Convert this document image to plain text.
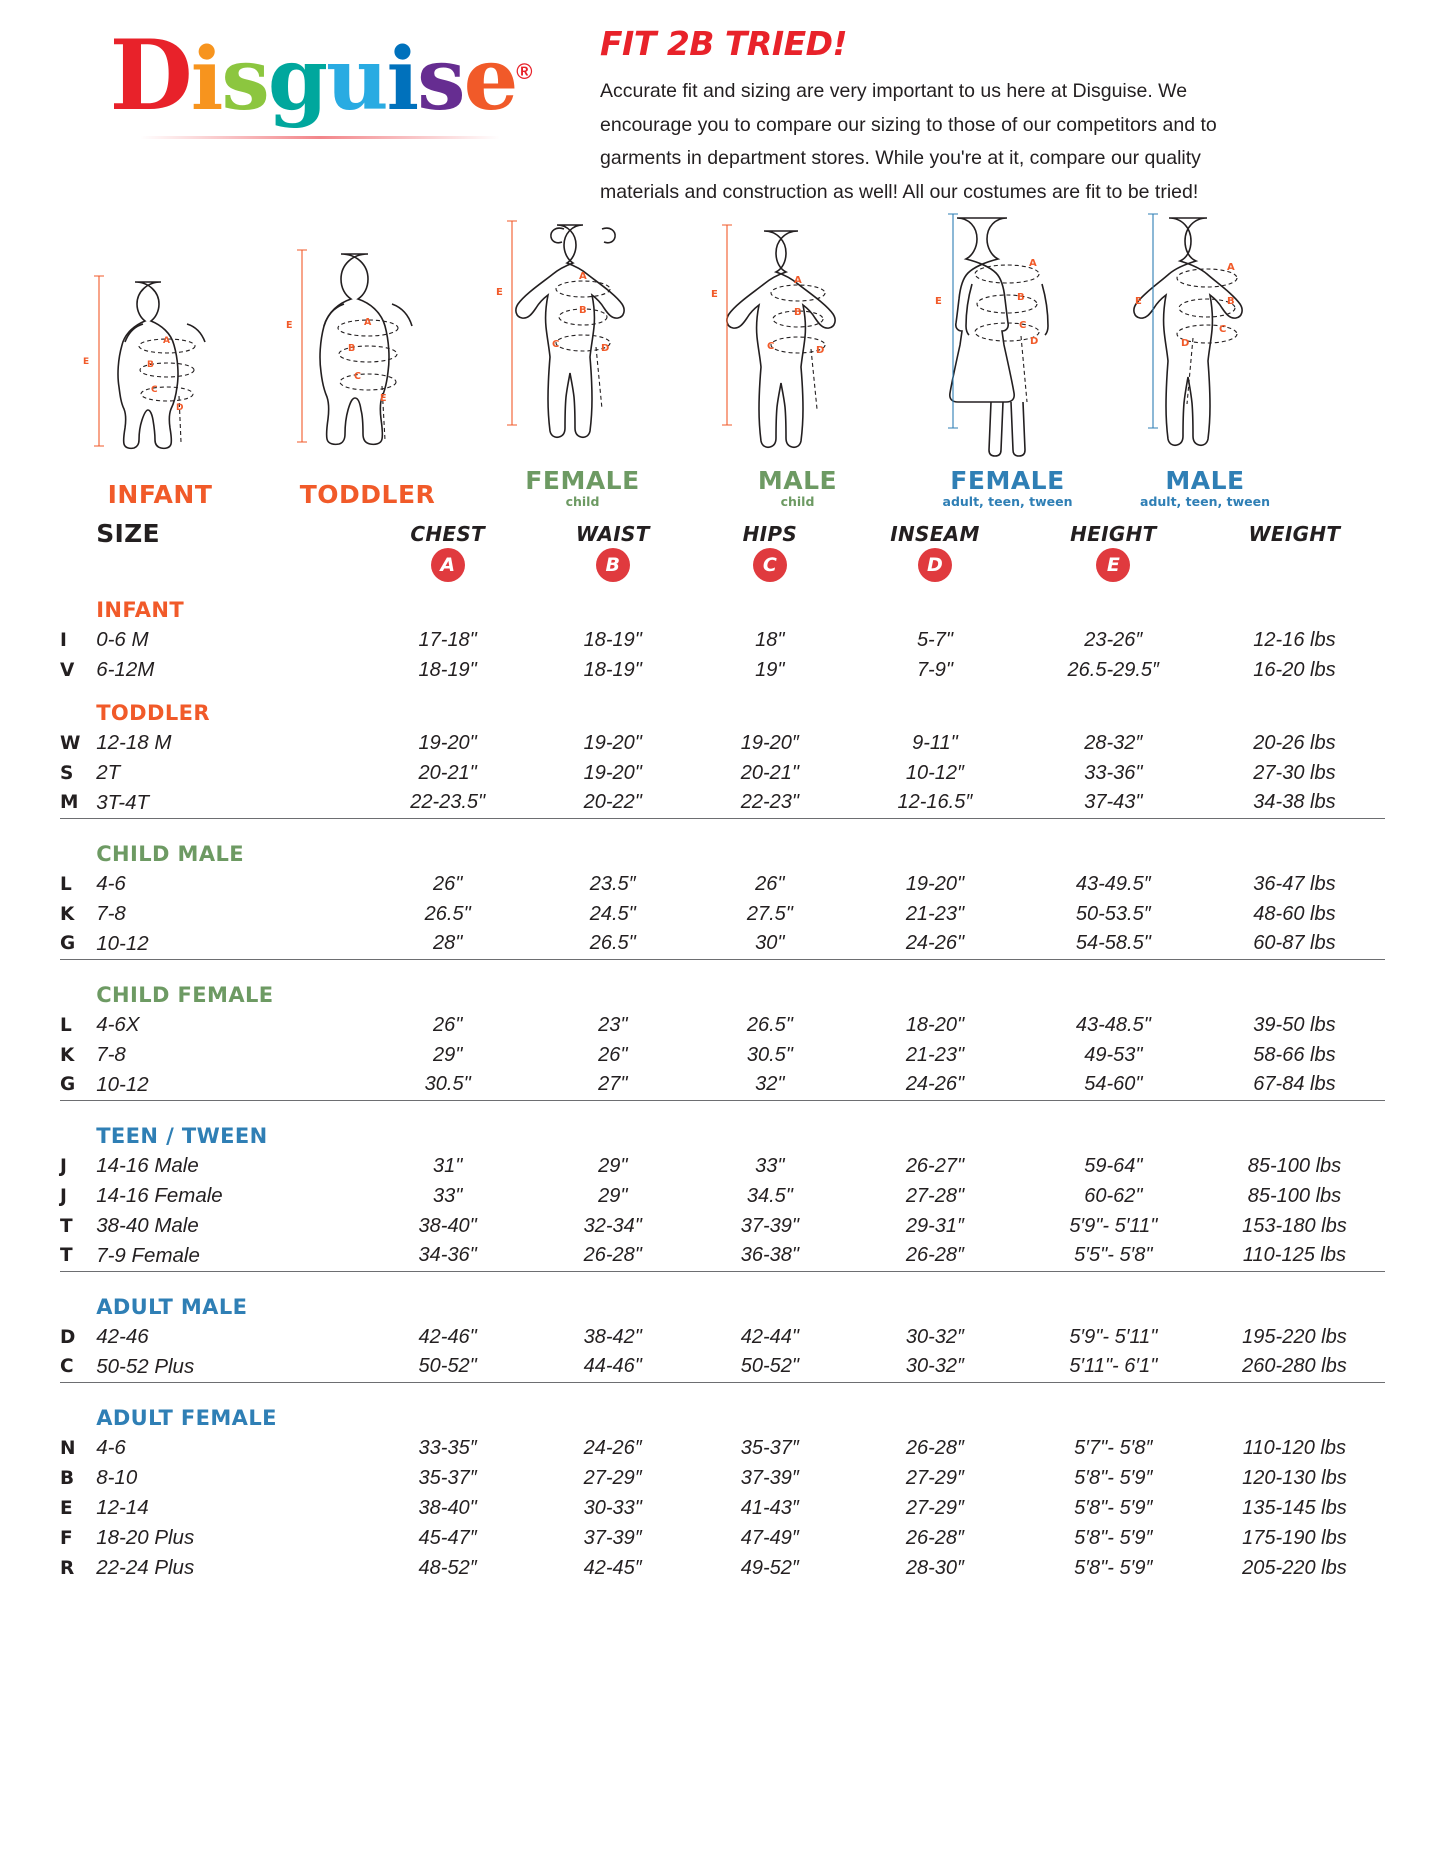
Disguise®
FIT 2B TRIED!

Accurate fit and sizing are very important to us here at Disguise. We encourage you to compare our sizing to those of our competitors and to garments in department stores. While you're at it, compare our quality materials and construction as well! All our costumes are fit to be tried!

A
B
C
D
E
INFANT
A
B
C
E
E
TODDLER
A
B
C	D
E
FEMALE
child
A
B
C	D
E
MALE
child
A
B
C
D
E
FEMALE
adult, teen, tween
A
B
D
C
E
MALE
adult, teen, tween
	SIZE	CHEST	WAIST	HIPS	INSEAM	HEIGHT	WEIGHT
		A	B	C	D	E	
	INFANT						
I	0-6 M	17-18"	18-19"	18"	5-7"	23-26″	12-16 lbs
V	6-12M	18-19"	18-19"	19"	7-9"	26.5-29.5″	16-20 lbs
	TODDLER						
W	12-18 M	19-20"	19-20"	19-20″	9-11"	28-32″	20-26 lbs
S	2T	20-21"	19-20"	20-21"	10-12″	33-36"	27-30 lbs
M	3T-4T	22-23.5"	20-22"	22-23"	12-16.5″	37-43"	34-38 lbs

	CHILD MALE						
L	4-6	26"	23.5″	26"	19-20"	43-49.5″	36-47 lbs
K	7-8	26.5"	24.5"	27.5"	21-23"	50-53.5″	48-60 lbs
G	10-12	28"	26.5"	30"	24-26"	54-58.5"	60-87 lbs

	CHILD FEMALE						
L	4-6X	26"	23"	26.5"	18-20"	43-48.5"	39-50 lbs
K	7-8	29"	26"	30.5"	21-23"	49-53"	58-66 lbs
G	10-12	30.5"	27"	32"	24-26"	54-60"	67-84 lbs

	TEEN / TWEEN						
J	14-16 Male	31"	29"	33"	26-27"	59-64"	85-100 lbs
J	14-16 Female	33"	29"	34.5"	27-28"	60-62"	85-100 lbs
T	38-40 Male	38-40"	32-34"	37-39"	29-31″	5′9"- 5′11"	153-180 lbs
T	7-9 Female	34-36"	26-28"	36-38"	26-28″	5′5"- 5′8"	110-125 lbs

	ADULT MALE						
D	42-46	42-46"	38-42"	42-44"	30-32″	5′9"- 5′11"	195-220 lbs
C	50-52 Plus	50-52"	44-46"	50-52"	30-32″	5′11"- 6′1"	260-280 lbs

	ADULT FEMALE						
N	4-6	33-35″	24-26″	35-37″	26-28″	5′7"- 5′8″	110-120 lbs
B	8-10	35-37″	27-29″	37-39″	27-29″	5′8"- 5′9″	120-130 lbs
E	12-14	38-40"	30-33"	41-43″	27-29″	5′8"- 5′9″	135-145 lbs
F	18-20 Plus	45-47″	37-39″	47-49″	26-28″	5′8"- 5′9″	175-190 lbs
R	22-24 Plus	48-52″	42-45″	49-52″	28-30″	5′8"- 5′9″	205-220 lbs
